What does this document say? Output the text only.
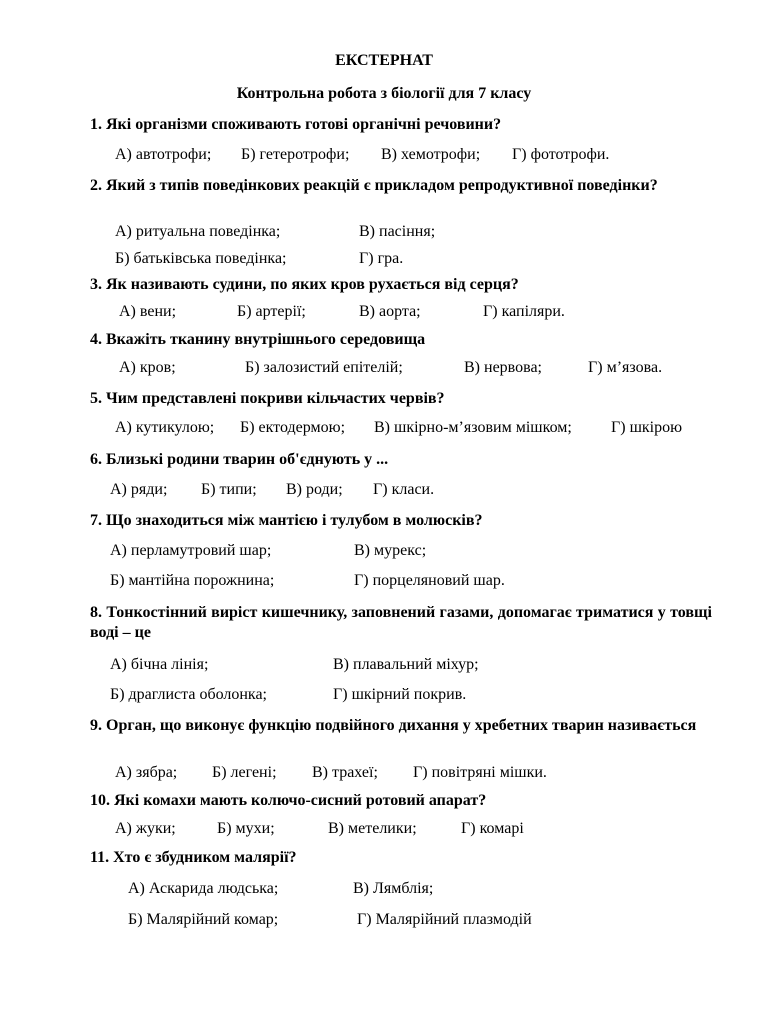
ЕКСТЕРНАТ
Контрольна робота з біології для 7 класу
1. Які організми споживають готові органічні речовини?
А) автотрофи; Б) гетеротрофи; В) хемотрофи; Г) фототрофи.
2. Який з типів поведінкових реакцій є прикладом репродуктивної поведінки?
А) ритуальна поведінка;	В) пасіння;
Б) батьківська поведінка;	Г) гра.
3. Як називають судини, по яких кров рухається від серця?
А) вени;	Б) артерії;	В) аорта;	Г) капіляри.
4. Вкажіть тканину внутрішнього середовища
А) кров;	Б) залозистий епітелій;	В) нервова;	Г) м’язова.
5. Чим представлені покриви кільчастих червів?
А) кутикулою; Б) ектодермою; В) шкірно-м’язовим мішком; Г) шкірою
6. Близькі родини тварин об'єднують у ...
А) ряди; Б) типи; В) роди; Г) класи.
7. Що знаходиться між мантією і тулубом в молюсків?
А) перламутровий шар;	В) мурекс;
Б) мантійна порожнина;	Г) порцеляновий шар.
8. Тонкостінний виріст кишечнику, заповнений газами, допомагає триматися у товщі воді – це
А) бічна лінія;	В) плавальний міхур;
Б) драглиста оболонка;	Г) шкірний покрив.
9. Орган, що виконує функцію подвійного дихання у хребетних тварин називається
А) зябра; Б) легені; В) трахеї; Г) повітряні мішки.
10. Які комахи мають колючо-сисний ротовий апарат?
А) жуки;	Б) мухи;	В) метелики;	Г) комарі
11. Хто є збудником малярії?
А) Аскарида людська;	В) Лямблія;
Б) Малярійний комар;	Г) Малярійний плазмодій
